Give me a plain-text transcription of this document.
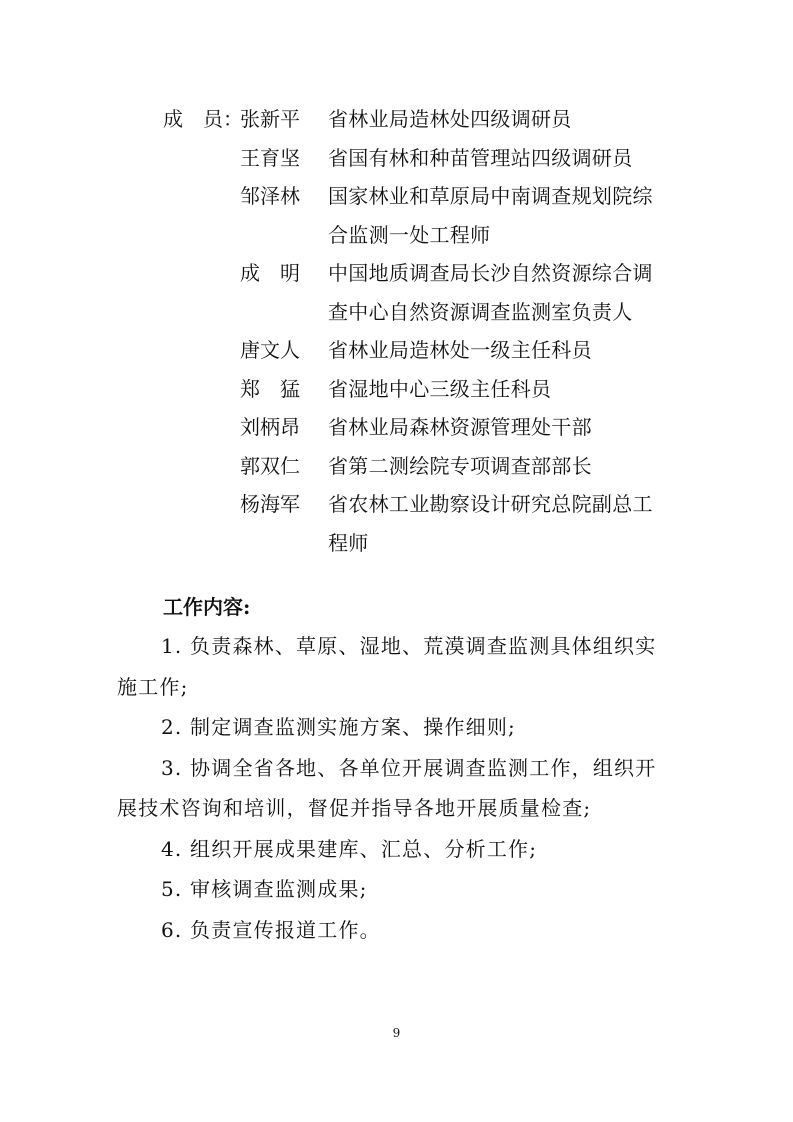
成　员：
张新平	省林业局造林处四级调研员
王育坚	省国有林和种苗管理站四级调研员
邹泽林	国家林业和草原局中南调查规划院综合监测一处工程师
成　明	中国地质调查局长沙自然资源综合调查中心自然资源调查监测室负责人
唐文人	省林业局造林处一级主任科员
郑　猛	省湿地中心三级主任科员
刘柄昂	省林业局森林资源管理处干部
郭双仁	省第二测绘院专项调查部部长
杨海军	省农林工业勘察设计研究总院副总工程师
工作内容:
1. 负责森林、草原、湿地、荒漠调查监测具体组织实施工作;
2. 制定调查监测实施方案、操作细则;
3. 协调全省各地、各单位开展调查监测工作，组织开展技术咨询和培训，督促并指导各地开展质量检查;
4. 组织开展成果建库、汇总、分析工作;
5. 审核调查监测成果;
6. 负责宣传报道工作。
9
